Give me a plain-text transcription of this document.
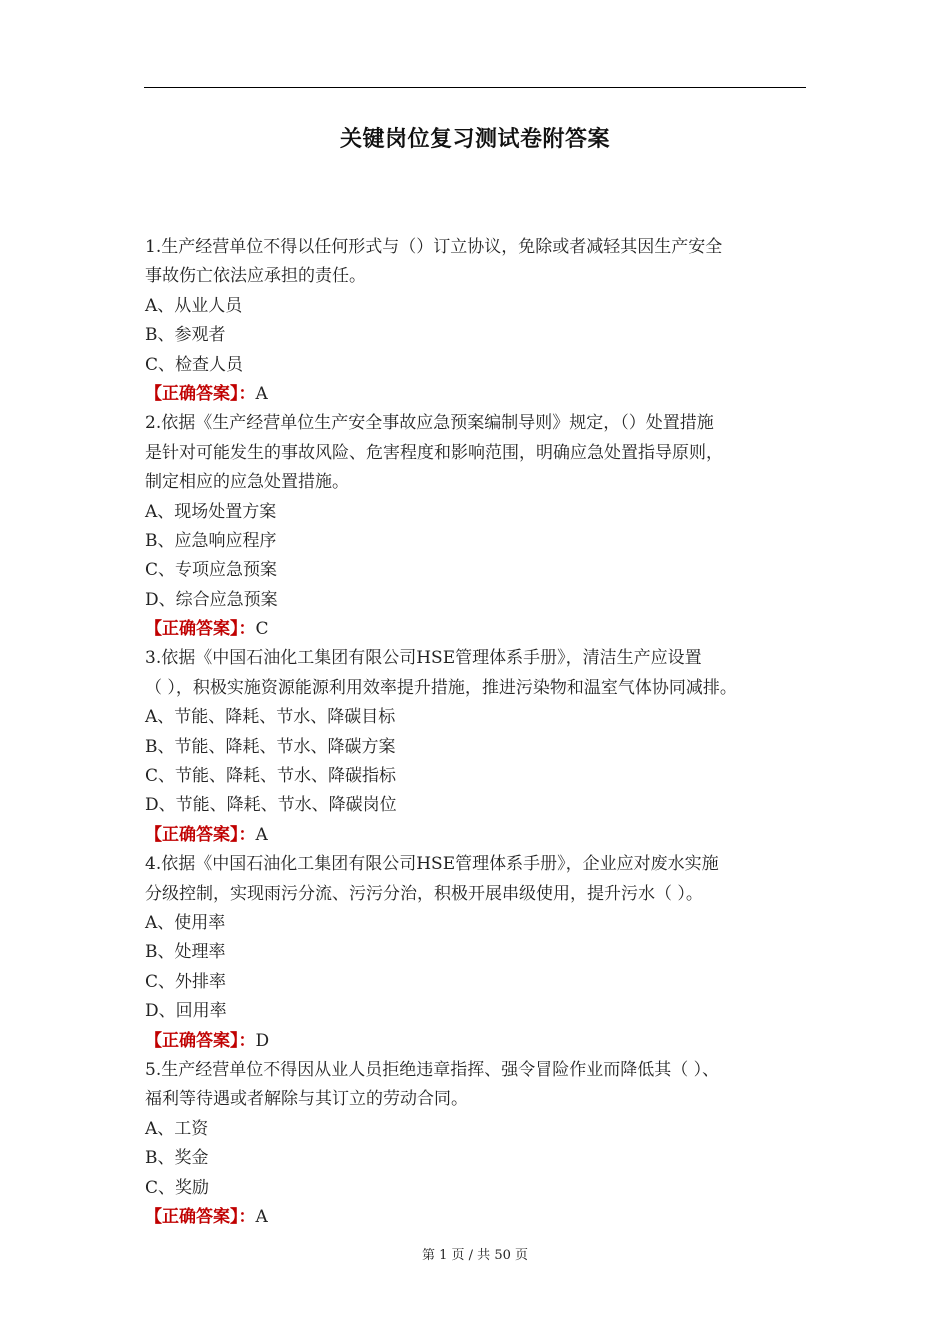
关键岗位复习测试卷附答案
1.生产经营单位不得以任何形式与（）订立协议，免除或者减轻其因生产安全
事故伤亡依法应承担的责任。
A、从业人员
B、参观者
C、检查人员
【正确答案】：A
2.依据《生产经营单位生产安全事故应急预案编制导则》规定，（）处置措施
是针对可能发生的事故风险、危害程度和影响范围，明确应急处置指导原则，
制定相应的应急处置措施。
A、现场处置方案
B、应急响应程序
C、专项应急预案
D、综合应急预案
【正确答案】：C
3.依据《中国石油化工集团有限公司HSE管理体系手册》，清洁生产应设置
（ ），积极实施资源能源利用效率提升措施，推进污染物和温室气体协同减排。
A、节能、降耗、节水、降碳目标
B、节能、降耗、节水、降碳方案
C、节能、降耗、节水、降碳指标
D、节能、降耗、节水、降碳岗位
【正确答案】：A
4.依据《中国石油化工集团有限公司HSE管理体系手册》，企业应对废水实施
分级控制，实现雨污分流、污污分治，积极开展串级使用，提升污水（ ）。
A、使用率
B、处理率
C、外排率
D、回用率
【正确答案】：D
5.生产经营单位不得因从业人员拒绝违章指挥、强令冒险作业而降低其（ ）、
福利等待遇或者解除与其订立的劳动合同。
A、工资
B、奖金
C、奖励
【正确答案】：A
第 1 页 / 共 50 页
